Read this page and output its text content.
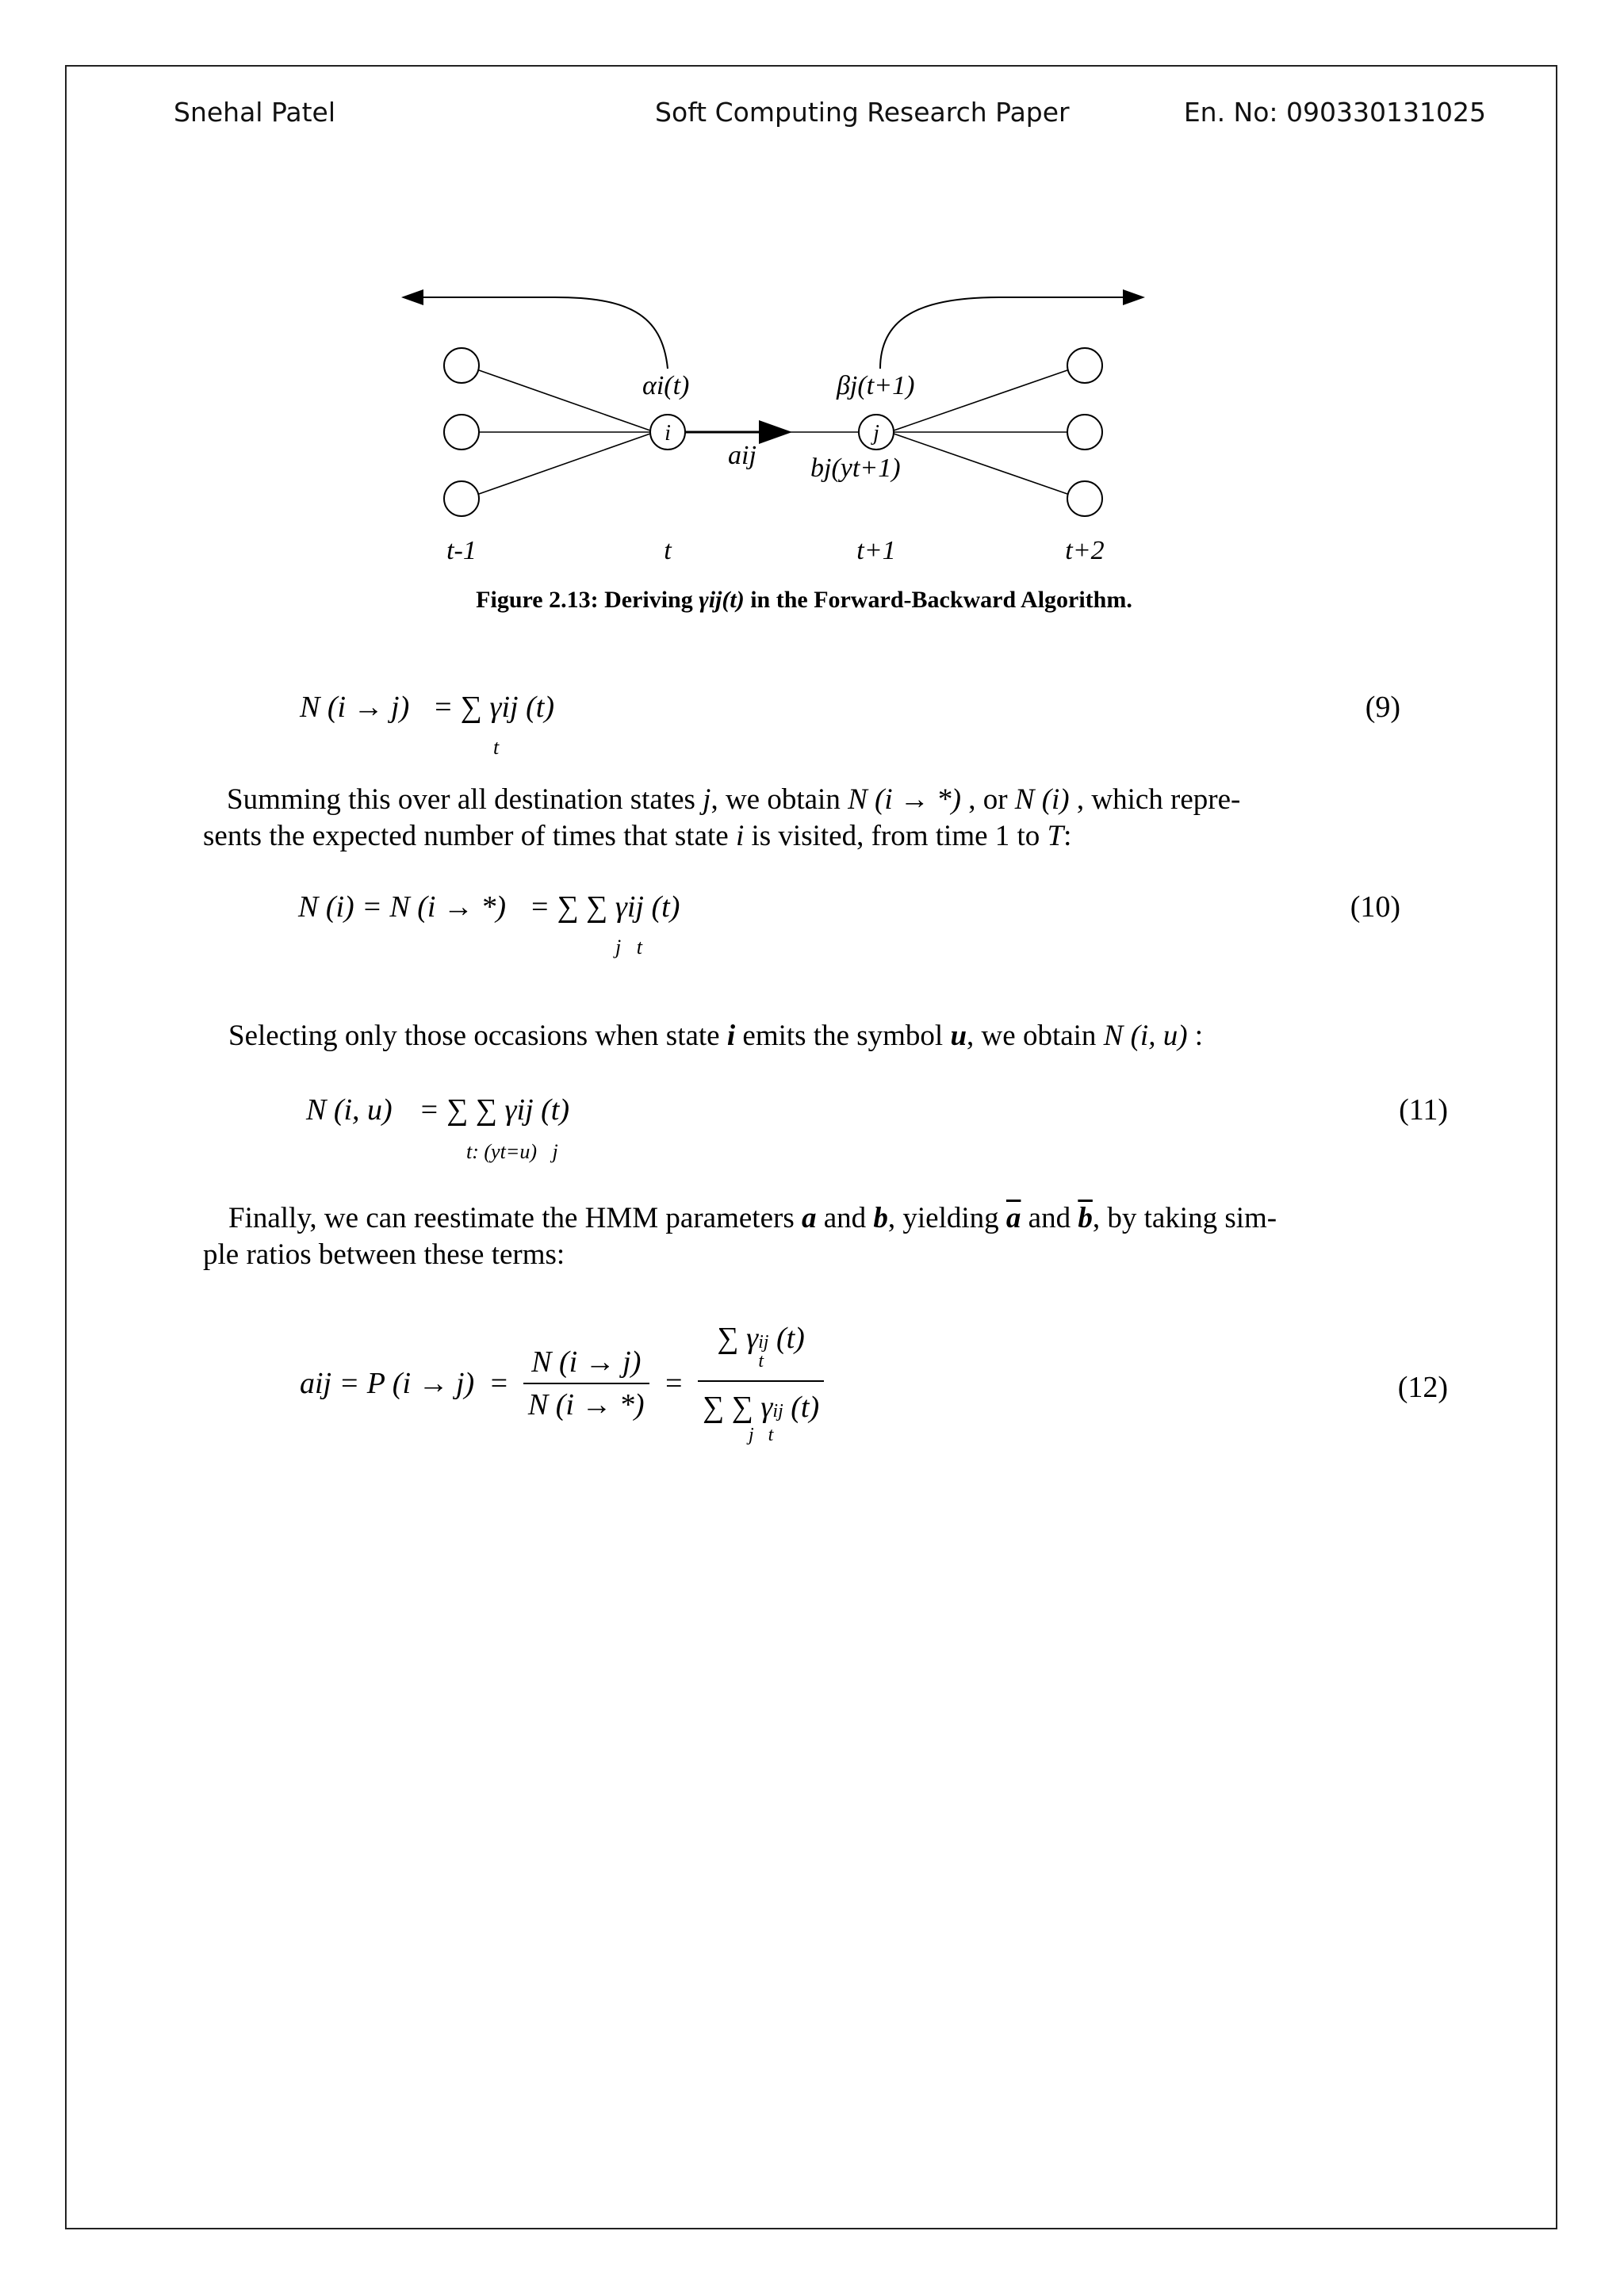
Snehal Patel	Soft Computing Research Paper	En. No: 090330131025
i	j
αi(t)	βj(t+1)
aij bj(yt+1)
t-1	t	t+1	t+2
Figure 2.13: Deriving γij(t) in the Forward-Backward Algorithm.
N (i → j) = ∑ γij (t)
t
(9)
Summing this over all destination states j, we obtain N (i → *) , or N (i) , which repre-
sents the expected number of times that state i is visited, from time 1 to T:
N (i) = N (i → *) = ∑ ∑ γij (t)
j   t
(10)
Selecting only those occasions when state i emits the symbol u, we obtain N (i, u) :
N (i, u) = ∑ ∑ γij (t)
t: (yt=u)   j
(11)
Finally, we can reestimate the HMM parameters a and b, yielding $\overline{a}$ and $\overline{b}$, by taking sim-
ple ratios between these terms:
aij = P $(i \to j) = \frac{N (i \to j)}{N (i \to *)}$ = ∑ γij (t)
t
∑ ∑ γij (t)
j   t	(12)
